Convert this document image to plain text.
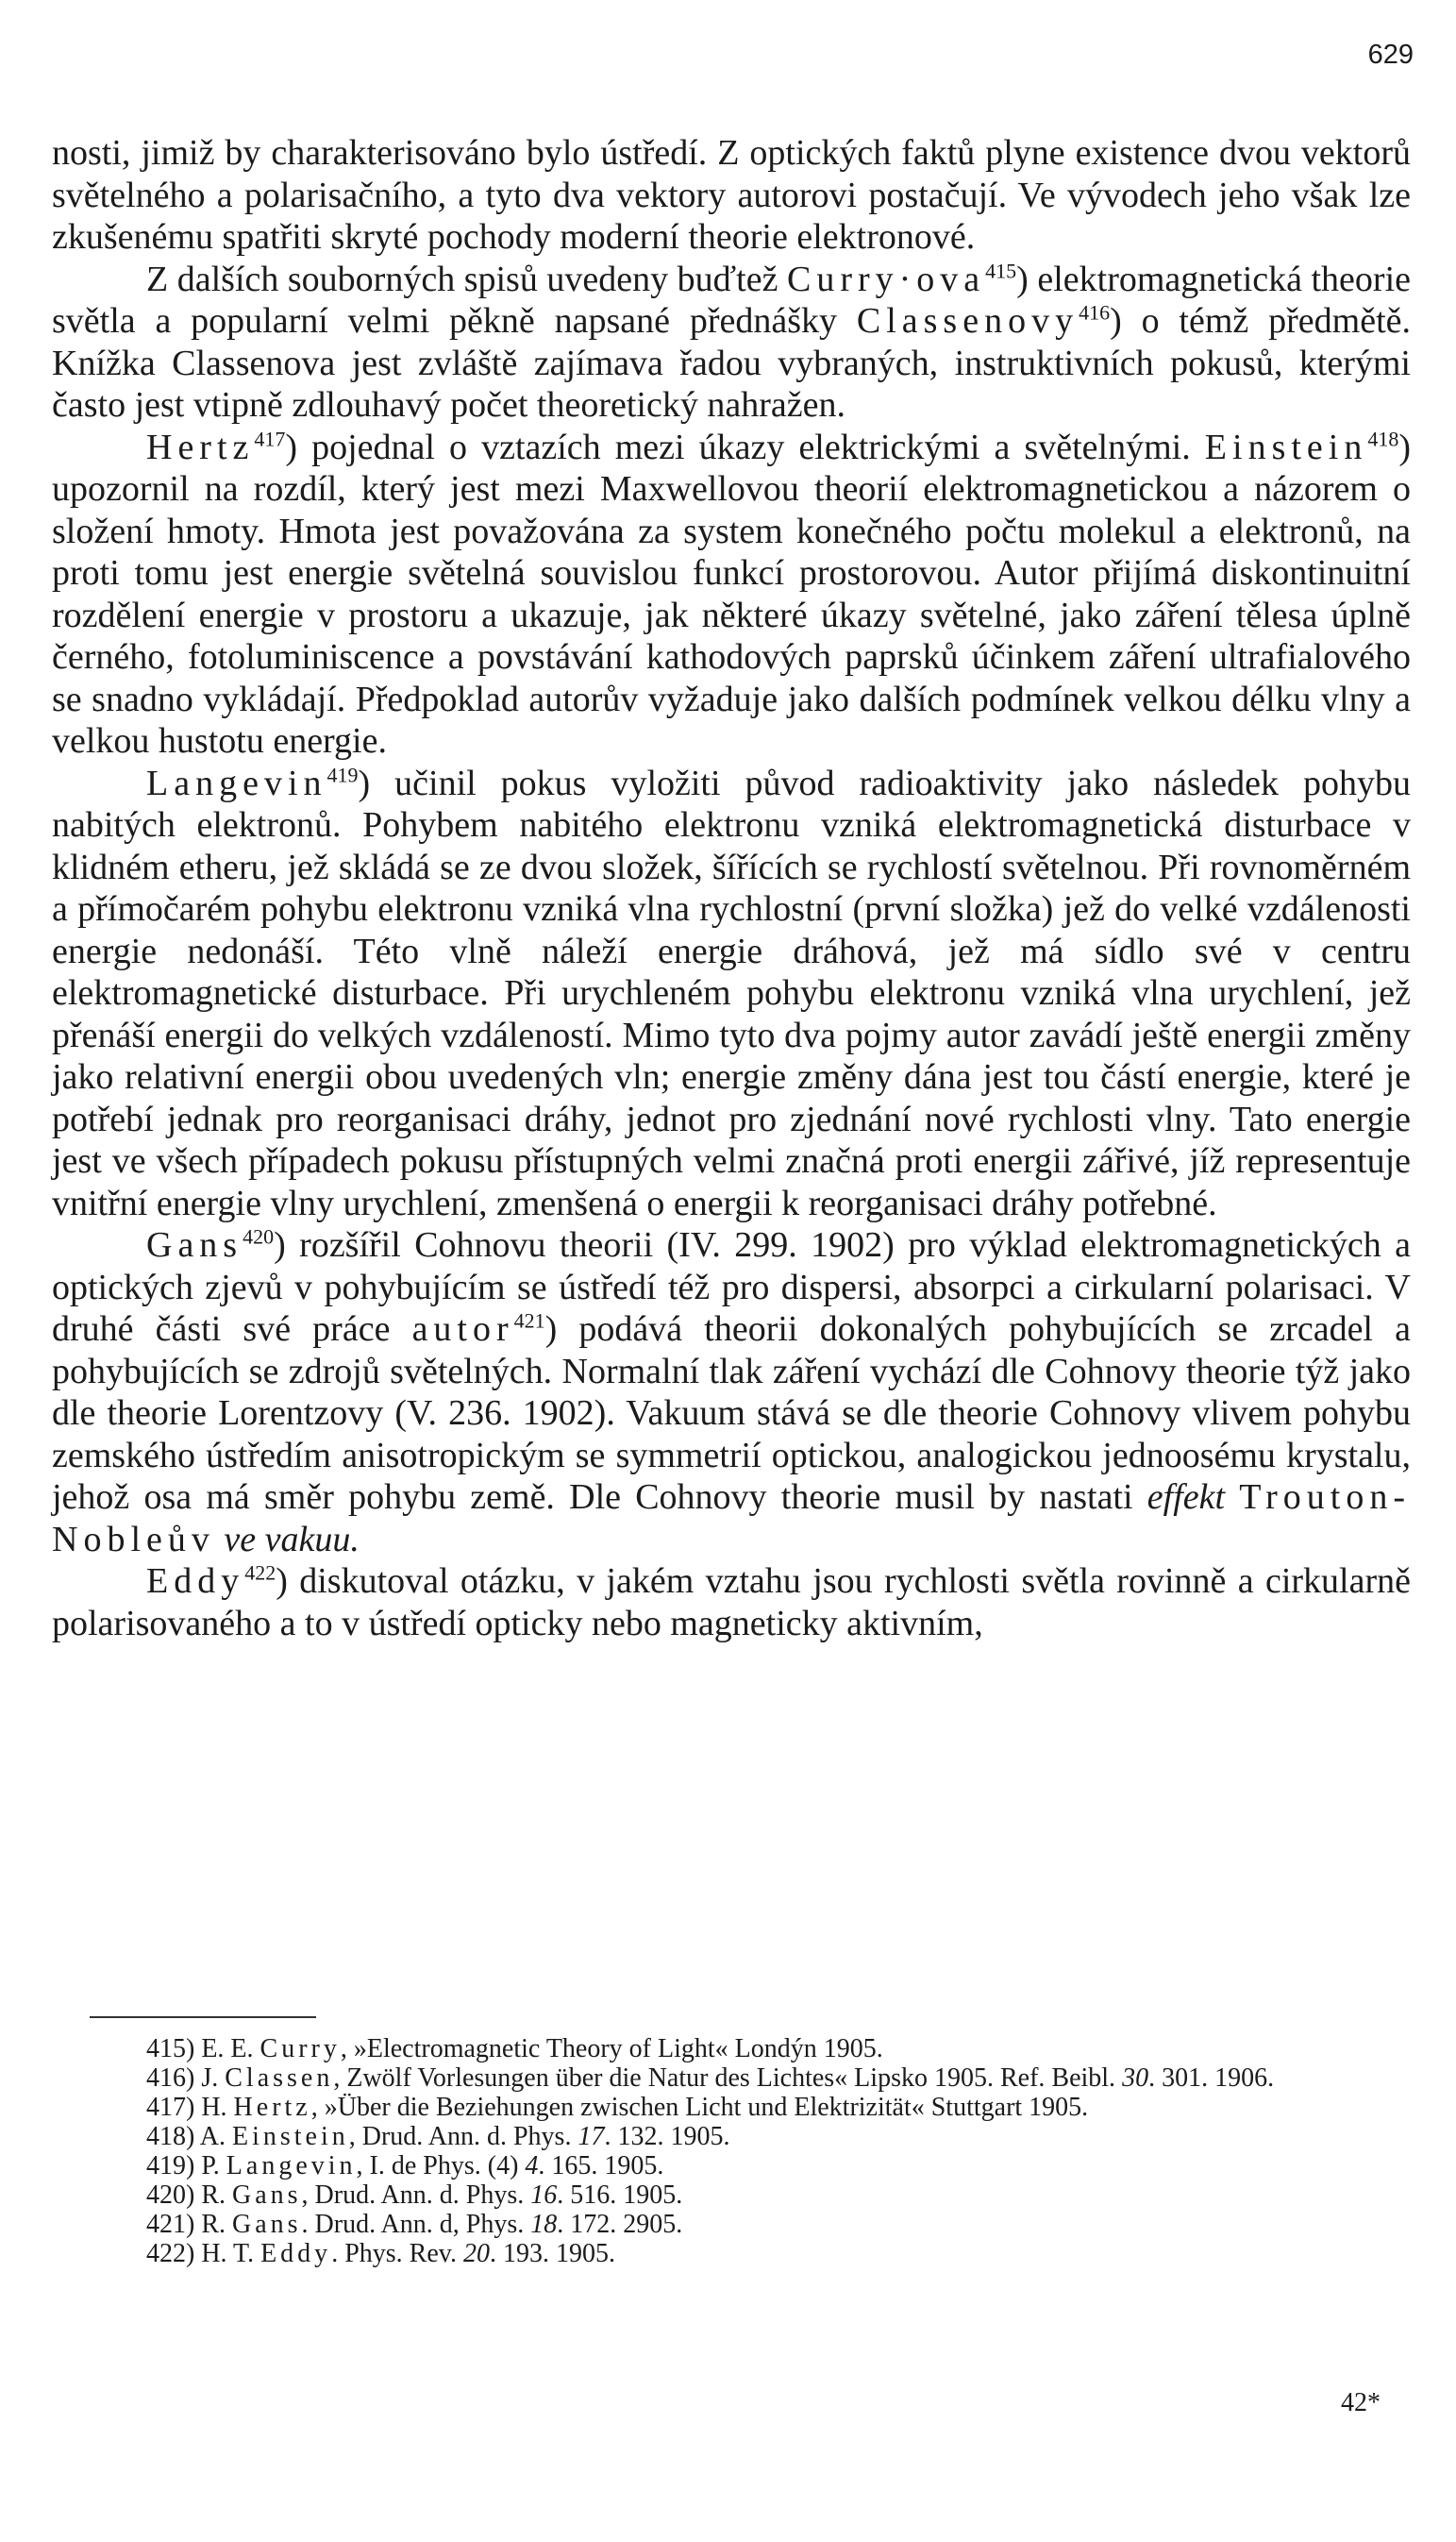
629

nosti, jimiž by charakterisováno bylo ústředí. Z optických faktů plyne existence dvou vektorů světelného a polarisačního, a tyto dva vektory autorovi postačují. Ve vývodech jeho však lze zkušenému spatřiti skryté pochody moderní theorie elektronové.

Z dalších souborných spisů uvedeny buďtež Curry·ova$^{415}$) elektromagnetická theorie světla a popularní velmi pěkně napsané přednášky Classenovy$^{416}$) o témž předmětě. Knížka Classenova jest zvláště zajímava řadou vybraných, instruktivních pokusů, kterými často jest vtipně zdlouhavý počet theoretický nahražen.

Hertz$^{417}$) pojednal o vztazích mezi úkazy elektrickými a světelnými. Einstein$^{418}$) upozornil na rozdíl, který jest mezi Maxwellovou theorií elektromagnetickou a názorem o složení hmoty. Hmota jest považována za system konečného počtu molekul a elektronů, na proti tomu jest energie světelná souvislou funkcí prostorovou. Autor přijímá diskontinuitní rozdělení energie v prostoru a ukazuje, jak některé úkazy světelné, jako záření tělesa úplně černého, fotoluminiscence a povstávání kathodových paprsků účinkem záření ultrafialového se snadno vykládají. Předpoklad autorův vyžaduje jako dalších podmínek velkou délku vlny a velkou hustotu energie.

Langevin$^{419}$) učinil pokus vyložiti původ radioaktivity jako následek pohybu nabitých elektronů. Pohybem nabitého elektronu vzniká elektromagnetická disturbace v klidném etheru, jež skládá se ze dvou složek, šířících se rychlostí světelnou. Při rovnoměrném a přímočarém pohybu elektronu vzniká vlna rychlostní (první složka) jež do velké vzdálenosti energie nedonáší. Této vlně náleží energie dráhová, jež má sídlo své v centru elektromagnetické disturbace. Při urychleném pohybu elektronu vzniká vlna urychlení, jež přenáší energii do velkých vzdáleností. Mimo tyto dva pojmy autor zavádí ještě energii změny jako relativní energii obou uvedených vln; energie změny dána jest tou částí energie, které je potřebí jednak pro reorganisaci dráhy, jednot pro zjednání nové rychlosti vlny. Tato energie jest ve všech případech pokusu přístupných velmi značná proti energii zářivé, jíž representuje vnitřní energie vlny urychlení, zmenšená o energii k reorganisaci dráhy potřebné.

Gans$^{420}$) rozšířil Cohnovu theorii (IV. 299. 1902) pro výklad elektromagnetických a optických zjevů v pohybujícím se ústředí též pro dispersi, absorpci a cirkularní polarisaci. V druhé části své práce autor$^{421}$) podává theorii dokonalých pohybujících se zrcadel a pohybujících se zdrojů světelných. Normalní tlak záření vychází dle Cohnovy theorie týž jako dle theorie Lorentzovy (V. 236. 1902). Vakuum stává se dle theorie Cohnovy vlivem pohybu zemského ústředím anisotropickým se symmetrií optickou, analogickou jednoosému krystalu, jehož osa má směr pohybu země. Dle Cohnovy theorie musil by nastati effekt Trouton-Nobleův ve vakuu.

Eddy$^{422}$) diskutoval otázku, v jakém vztahu jsou rychlosti světla rovinně a cirkularně polarisovaného a to v ústředí opticky nebo magneticky aktivním,

415) E. E. Curry, »Electromagnetic Theory of Light« Londýn 1905.

416) J. Classen, Zwölf Vorlesungen über die Natur des Lichtes« Lipsko 1905. Ref. Beibl. 30. 301. 1906.

417) H. Hertz, »Über die Beziehungen zwischen Licht und Elektrizität« Stuttgart 1905.

418) A. Einstein, Drud. Ann. d. Phys. 17. 132. 1905.

419) P. Langevin, I. de Phys. (4) 4. 165. 1905.

420) R. Gans, Drud. Ann. d. Phys. 16. 516. 1905.

421) R. Gans. Drud. Ann. d, Phys. 18. 172. 2905.

422) H. T. Eddy. Phys. Rev. 20. 193. 1905.

42*
